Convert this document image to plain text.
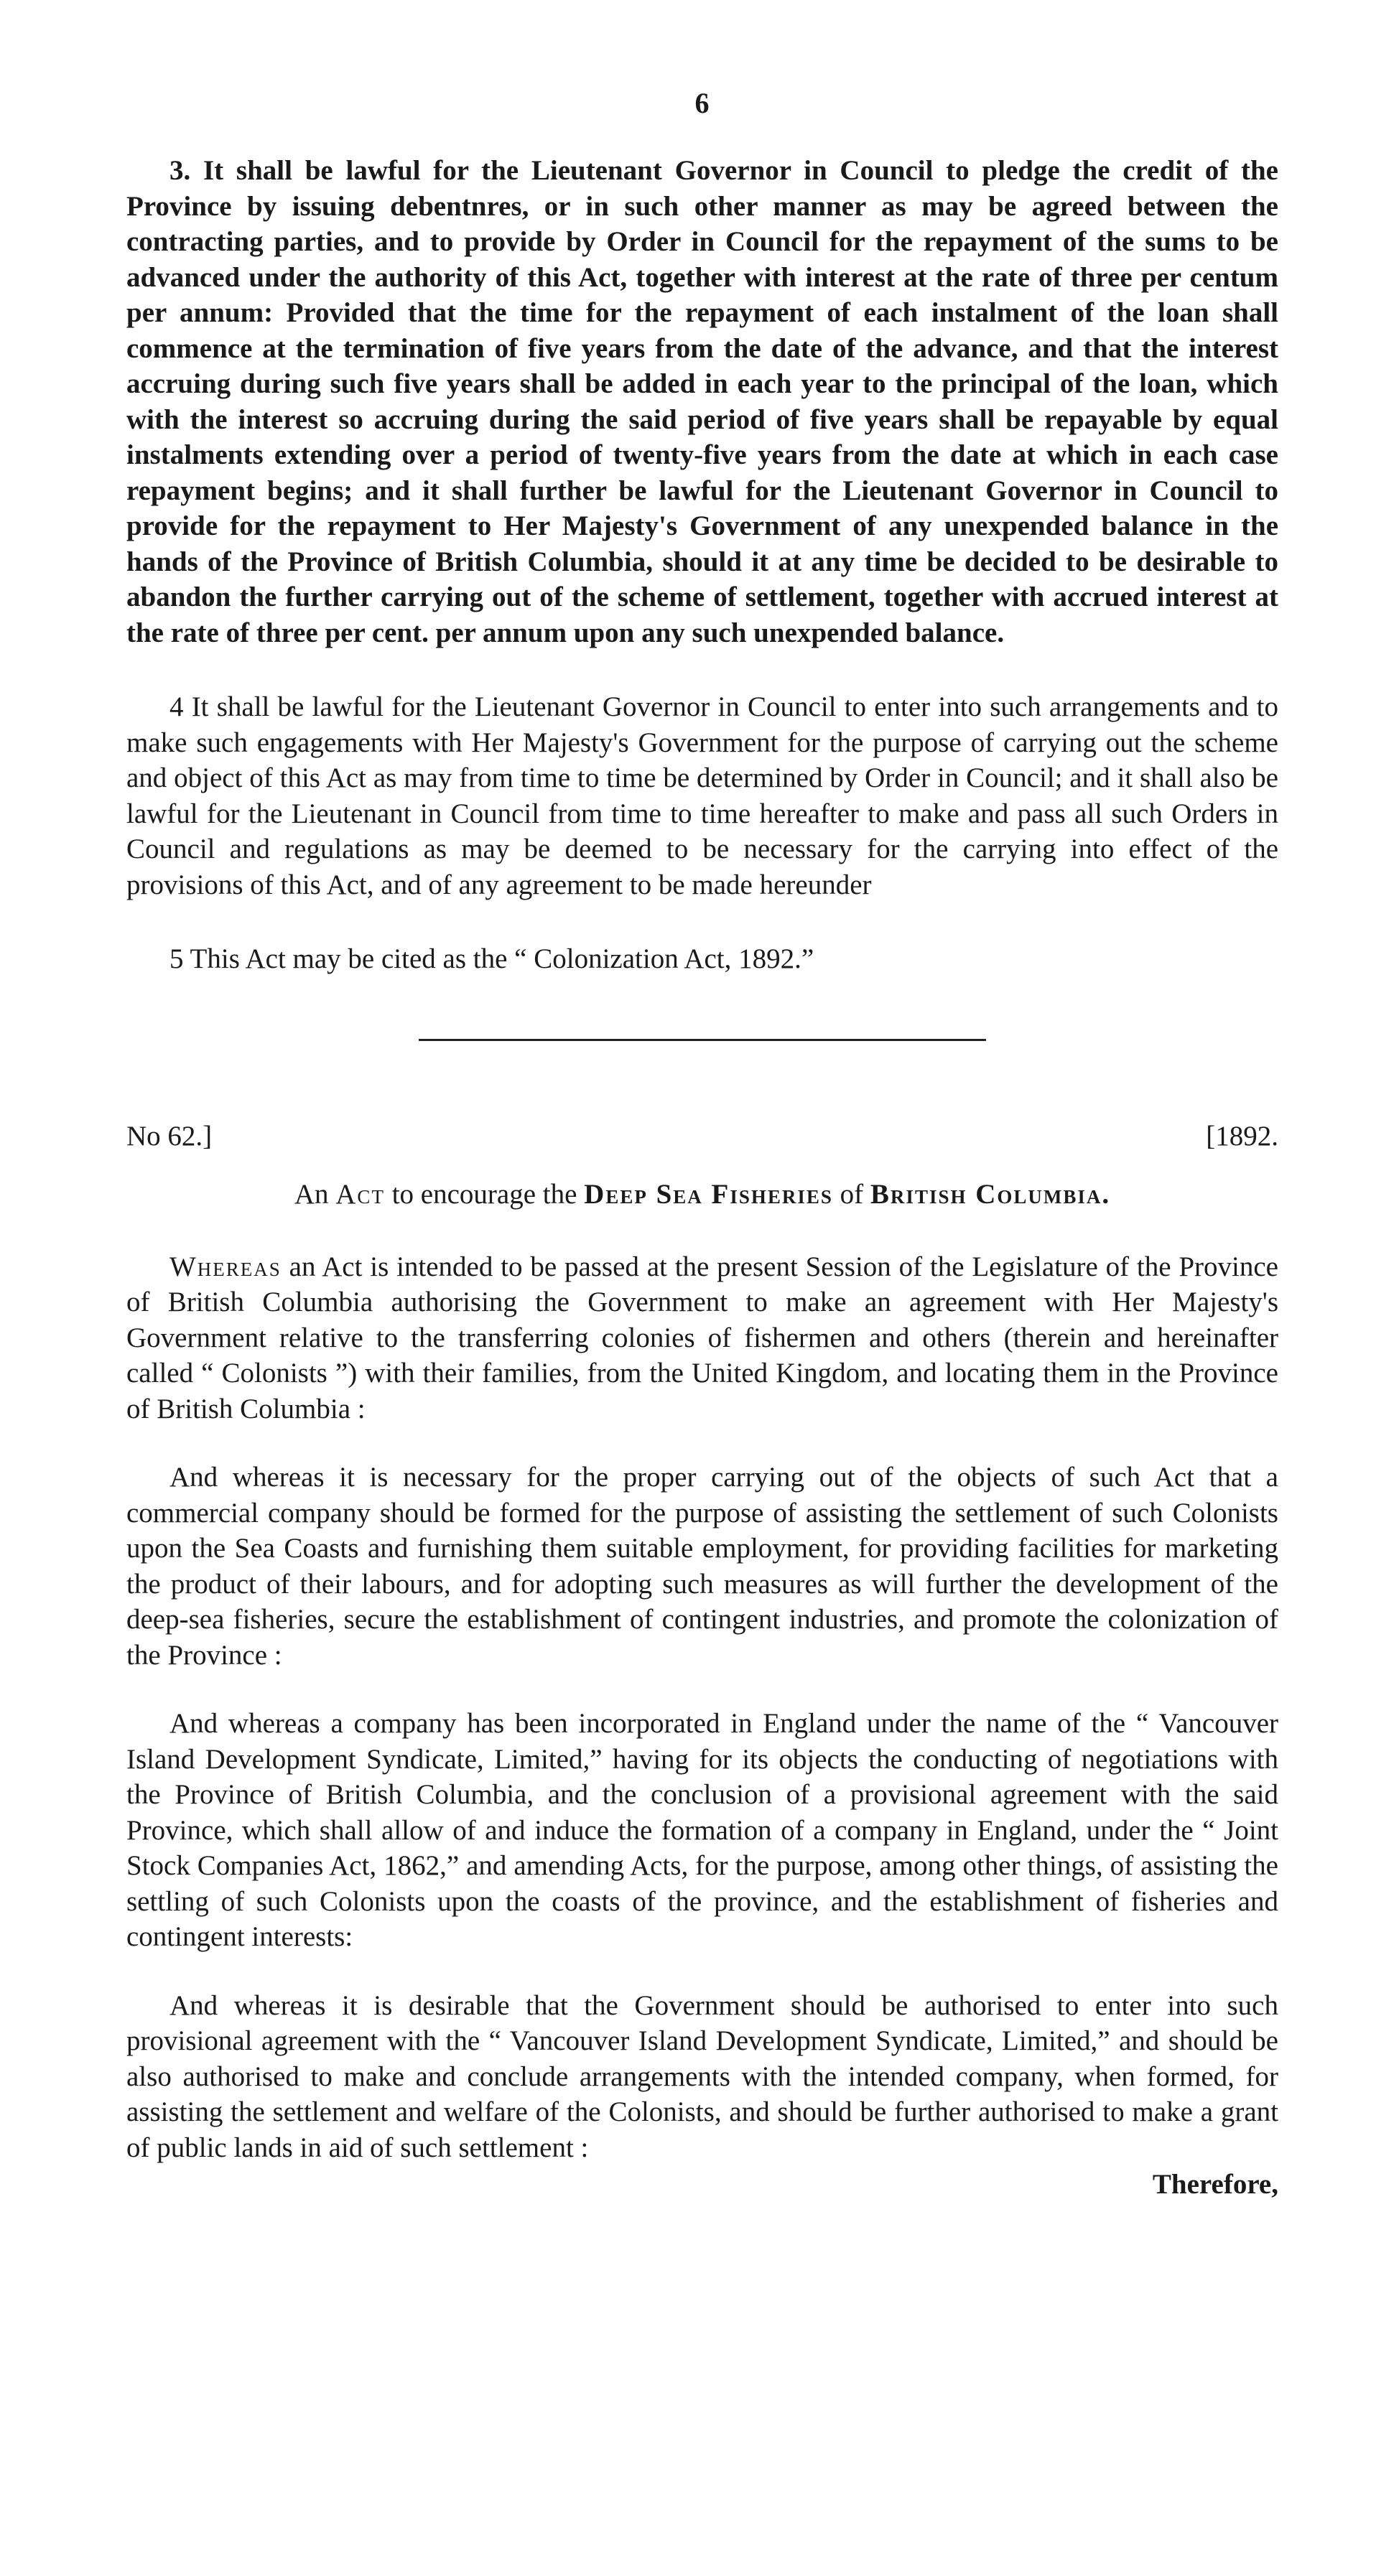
6

3. It shall be lawful for the Lieutenant Governor in Council to pledge the credit of the Province by issuing debentnres, or in such other manner as may be agreed between the contracting parties, and to provide by Order in Council for the repayment of the sums to be advanced under the authority of this Act, together with interest at the rate of three per centum per annum: Provided that the time for the repayment of each instalment of the loan shall commence at the termination of five years from the date of the advance, and that the interest accruing during such five years shall be added in each year to the principal of the loan, which with the interest so accruing during the said period of five years shall be repayable by equal instalments extending over a period of twenty-five years from the date at which in each case repayment begins; and it shall further be lawful for the Lieutenant Governor in Council to provide for the repayment to Her Majesty's Government of any unexpended balance in the hands of the Province of British Columbia, should it at any time be decided to be desirable to abandon the further carrying out of the scheme of settlement, together with accrued interest at the rate of three per cent. per annum upon any such unexpended balance.

4 It shall be lawful for the Lieutenant Governor in Council to enter into such arrangements and to make such engagements with Her Majesty's Government for the purpose of carrying out the scheme and object of this Act as may from time to time be determined by Order in Council; and it shall also be lawful for the Lieutenant in Council from time to time hereafter to make and pass all such Orders in Council and regulations as may be deemed to be necessary for the carrying into effect of the provisions of this Act, and of any agreement to be made hereunder

5 This Act may be cited as the “ Colonization Act, 1892.”

No 62.]	[1892.
An Act to encourage the Deep Sea Fisheries of British Columbia.

Whereas an Act is intended to be passed at the present Session of the Legislature of the Province of British Columbia authorising the Government to make an agreement with Her Majesty's Government relative to the transferring colonies of fishermen and others (therein and hereinafter called “ Colonists ”) with their families, from the United Kingdom, and locating them in the Province of British Columbia :

And whereas it is necessary for the proper carrying out of the objects of such Act that a commercial company should be formed for the purpose of assisting the settlement of such Colonists upon the Sea Coasts and furnishing them suitable employment, for providing facilities for marketing the product of their labours, and for adopting such measures as will further the development of the deep-sea fisheries, secure the establishment of contingent industries, and promote the colonization of the Province :

And whereas a company has been incorporated in England under the name of the “ Vancouver Island Development Syndicate, Limited,” having for its objects the conducting of negotiations with the Province of British Columbia, and the conclusion of a provisional agreement with the said Province, which shall allow of and induce the formation of a company in England, under the “ Joint Stock Companies Act, 1862,” and amending Acts, for the purpose, among other things, of assisting the settling of such Colonists upon the coasts of the province, and the establishment of fisheries and contingent interests:

And whereas it is desirable that the Government should be authorised to enter into such provisional agreement with the “ Vancouver Island Development Syndicate, Limited,” and should be also authorised to make and conclude arrangements with the intended company, when formed, for assisting the settlement and welfare of the Colonists, and should be further authorised to make a grant of public lands in aid of such settlement :

Therefore,
